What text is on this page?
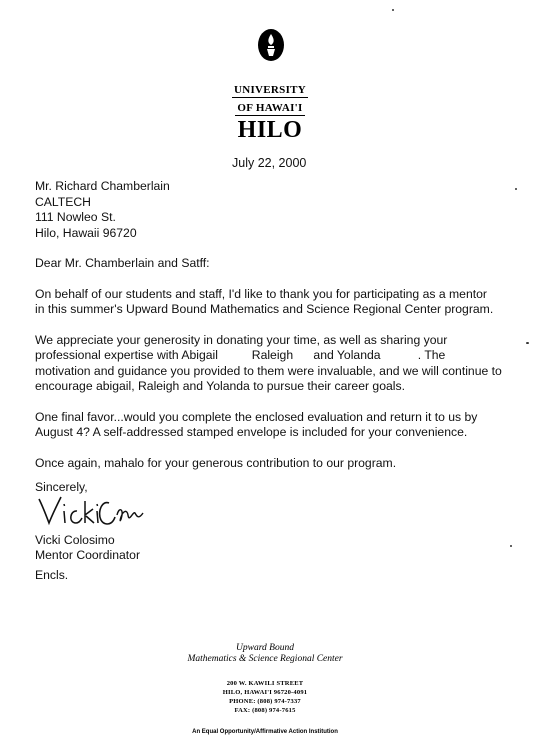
UNIVERSITY
OF HAWAI'I
HILO
July 22, 2000
Mr. Richard Chamberlain
CALTECH
111 Nowleo St.
Hilo, Hawaii 96720
Dear Mr. Chamberlain and Satff:
On behalf of our students and staff, I'd like to thank you for participating as a mentor
in this summer's Upward Bound Mathematics and Science Regional Center program.
We appreciate your generosity in donating your time, as well as sharing your
professional expertise with Abigail          Raleigh      and Yolanda           . The
motivation and guidance you provided to them were invaluable, and we will continue to
encourage abigail, Raleigh and Yolanda to pursue their career goals.
One final favor...would you complete the enclosed evaluation and return it to us by
August 4? A self-addressed stamped envelope is included for your convenience.
Once again, mahalo for your generous contribution to our program.
Sincerely,
Vicki Colosimo
Mentor Coordinator
Encls.
Upward Bound
Mathematics & Science Regional Center
200 W. KAWILI STREET
HILO, HAWAI'I 96720-4091
PHONE: (808) 974-7337
FAX: (808) 974-7615
An Equal Opportunity/Affirmative Action Institution
